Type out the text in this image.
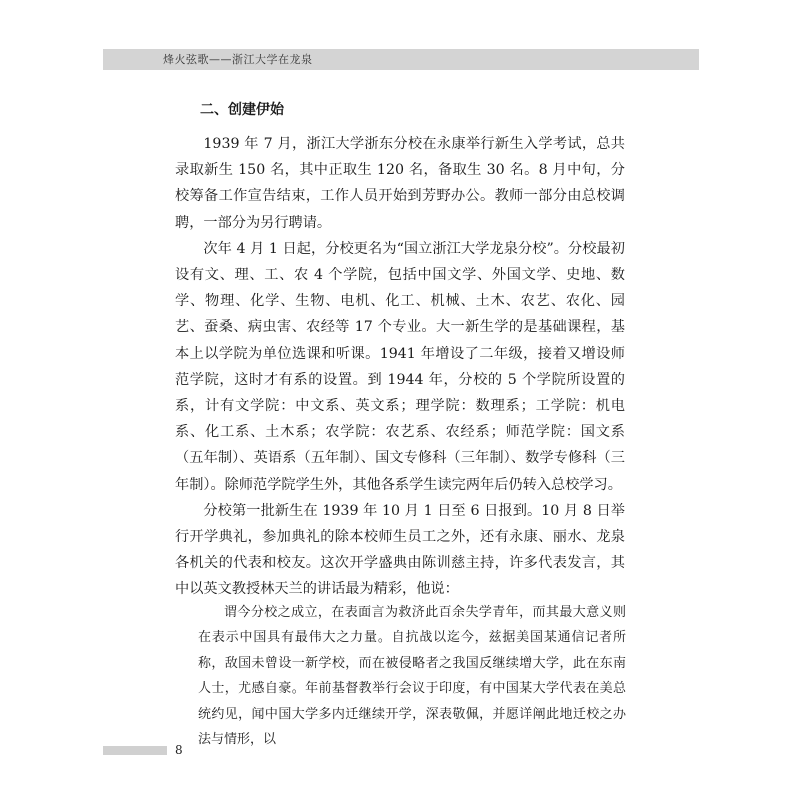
烽火弦歌——浙江大学在龙泉
二、创建伊始

1939 年 7 月，浙江大学浙东分校在永康举行新生入学考试，总共录取新生 150 名，其中正取生 120 名，备取生 30 名。8 月中旬，分校筹备工作宣告结束，工作人员开始到芳野办公。教师一部分由总校调聘，一部分为另行聘请。

次年 4 月 1 日起，分校更名为“国立浙江大学龙泉分校”。分校最初设有文、理、工、农 4 个学院，包括中国文学、外国文学、史地、数学、物理、化学、生物、电机、化工、机械、土木、农艺、农化、园艺、蚕桑、病虫害、农经等 17 个专业。大一新生学的是基础课程，基本上以学院为单位选课和听课。1941 年增设了二年级，接着又增设师范学院，这时才有系的设置。到 1944 年，分校的 5 个学院所设置的系，计有文学院：中文系、英文系；理学院：数理系；工学院：机电系、化工系、土木系；农学院：农艺系、农经系；师范学院：国文系（五年制）、英语系（五年制）、国文专修科（三年制）、数学专修科（三年制）。除师范学院学生外，其他各系学生读完两年后仍转入总校学习。

分校第一批新生在 1939 年 10 月 1 日至 6 日报到。10 月 8 日举行开学典礼，参加典礼的除本校师生员工之外，还有永康、丽水、龙泉各机关的代表和校友。这次开学盛典由陈训慈主持，许多代表发言，其中以英文教授林天兰的讲话最为精彩，他说：

谓今分校之成立，在表面言为救济此百余失学青年，而其最大意义则在表示中国具有最伟大之力量。自抗战以迄今，兹据美国某通信记者所称，敌国未曾设一新学校，而在被侵略者之我国反继续增大学，此在东南人士，尤感自豪。年前基督教举行会议于印度，有中国某大学代表在美总统约见，闻中国大学多内迁继续开学，深表敬佩，并愿详阐此地迁校之办法与情形，以

8
